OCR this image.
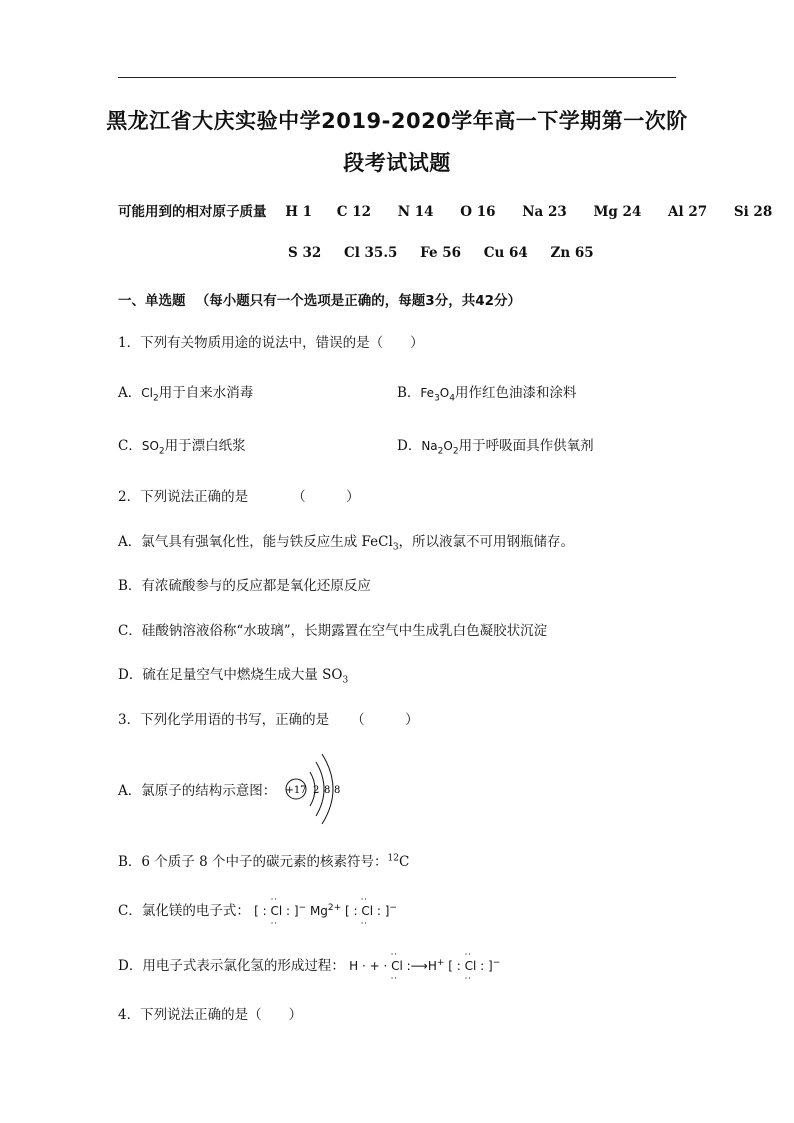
黑龙江省大庆实验中学2019-2020学年高一下学期第一次阶
段考试试题
可能用到的相对原子质量 H 1 C 12 N 14 O 16 Na 23 Mg 24 Al 27 Si 28
S 32 Cl 35.5 Fe 56 Cu 64 Zn 65
一、单选题 （每小题只有一个选项是正确的，每题3分，共42分）
1．下列有关物质用途的说法中，错误的是（　　）
A．$Cl_2$用于自来水消毒	B．$Fe_3O_4$用作红色油漆和涂料
C．$SO_2$用于漂白纸浆	D．$Na_2O_2$用于呼吸面具作供氧剂
2．下列说法正确的是	（　　　）
A．氯气具有强氧化性，能与铁反应生成 FeCl$_3$，所以液氯不可用钢瓶储存。
B．有浓硫酸参与的反应都是氧化还原反应
C．硅酸钠溶液俗称“水玻璃”，长期露置在空气中生成乳白色凝胶状沉淀
D．硫在足量空气中燃烧生成大量 $SO_3$
3．下列化学用语的书写，正确的是 （　　　）
A．氯原子的结构示意图： +17 2 8 8
B．6 个质子 8 个中子的碳元素的核素符号：$^{12}$C
C．氯化镁的电子式： [ : : Cl : : ]− $Mg^{2+}$ [ : : Cl : : ]−
D．用电子式表示氯化氢的形成过程： H · + · : Cl : :⟶H+ [ : : Cl : : ]−
4．下列说法正确的是（　　）
